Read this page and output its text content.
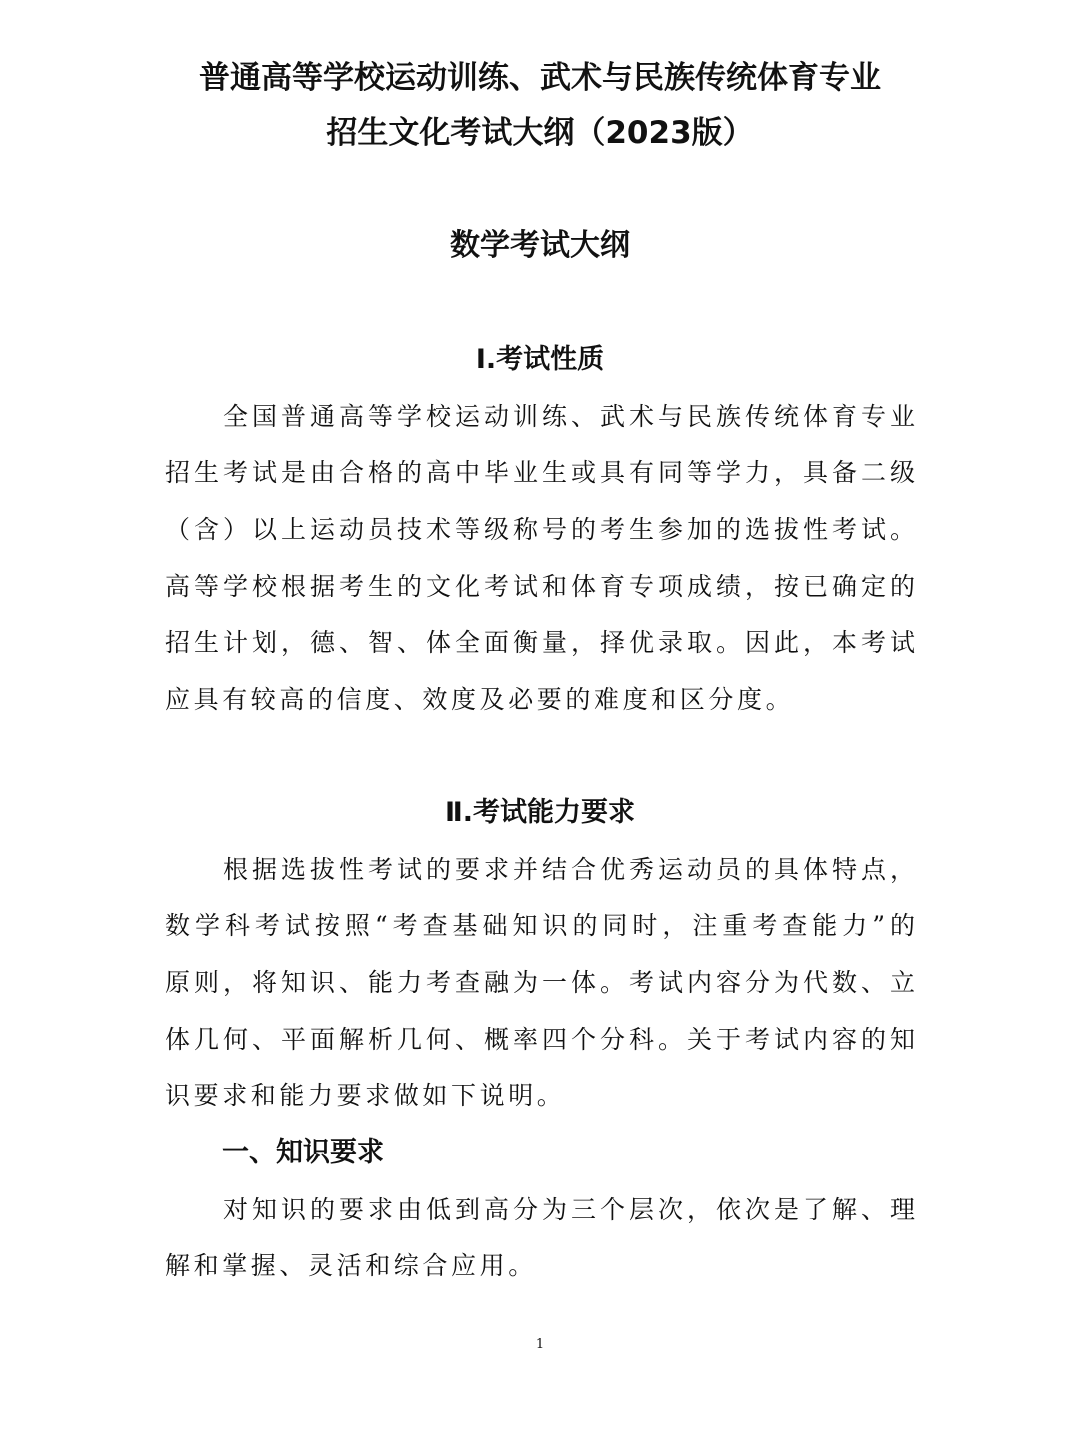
普通高等学校运动训练、武术与民族传统体育专业
招生文化考试大纲（2023版）
数学考试大纲
Ⅰ.考试性质
全国普通高等学校运动训练、武术与民族传统体育专业
招生考试是由合格的高中毕业生或具有同等学力，具备二级
（含）以上运动员技术等级称号的考生参加的选拔性考试。
高等学校根据考生的文化考试和体育专项成绩，按已确定的
招生计划，德、智、体全面衡量，择优录取。因此，本考试
应具有较高的信度、效度及必要的难度和区分度。
Ⅱ.考试能力要求
根据选拔性考试的要求并结合优秀运动员的具体特点，
数学科考试按照“考查基础知识的同时，注重考查能力”的
原则，将知识、能力考查融为一体。考试内容分为代数、立
体几何、平面解析几何、概率四个分科。关于考试内容的知
识要求和能力要求做如下说明。
一、知识要求
对知识的要求由低到高分为三个层次，依次是了解、理
解和掌握、灵活和综合应用。
1
